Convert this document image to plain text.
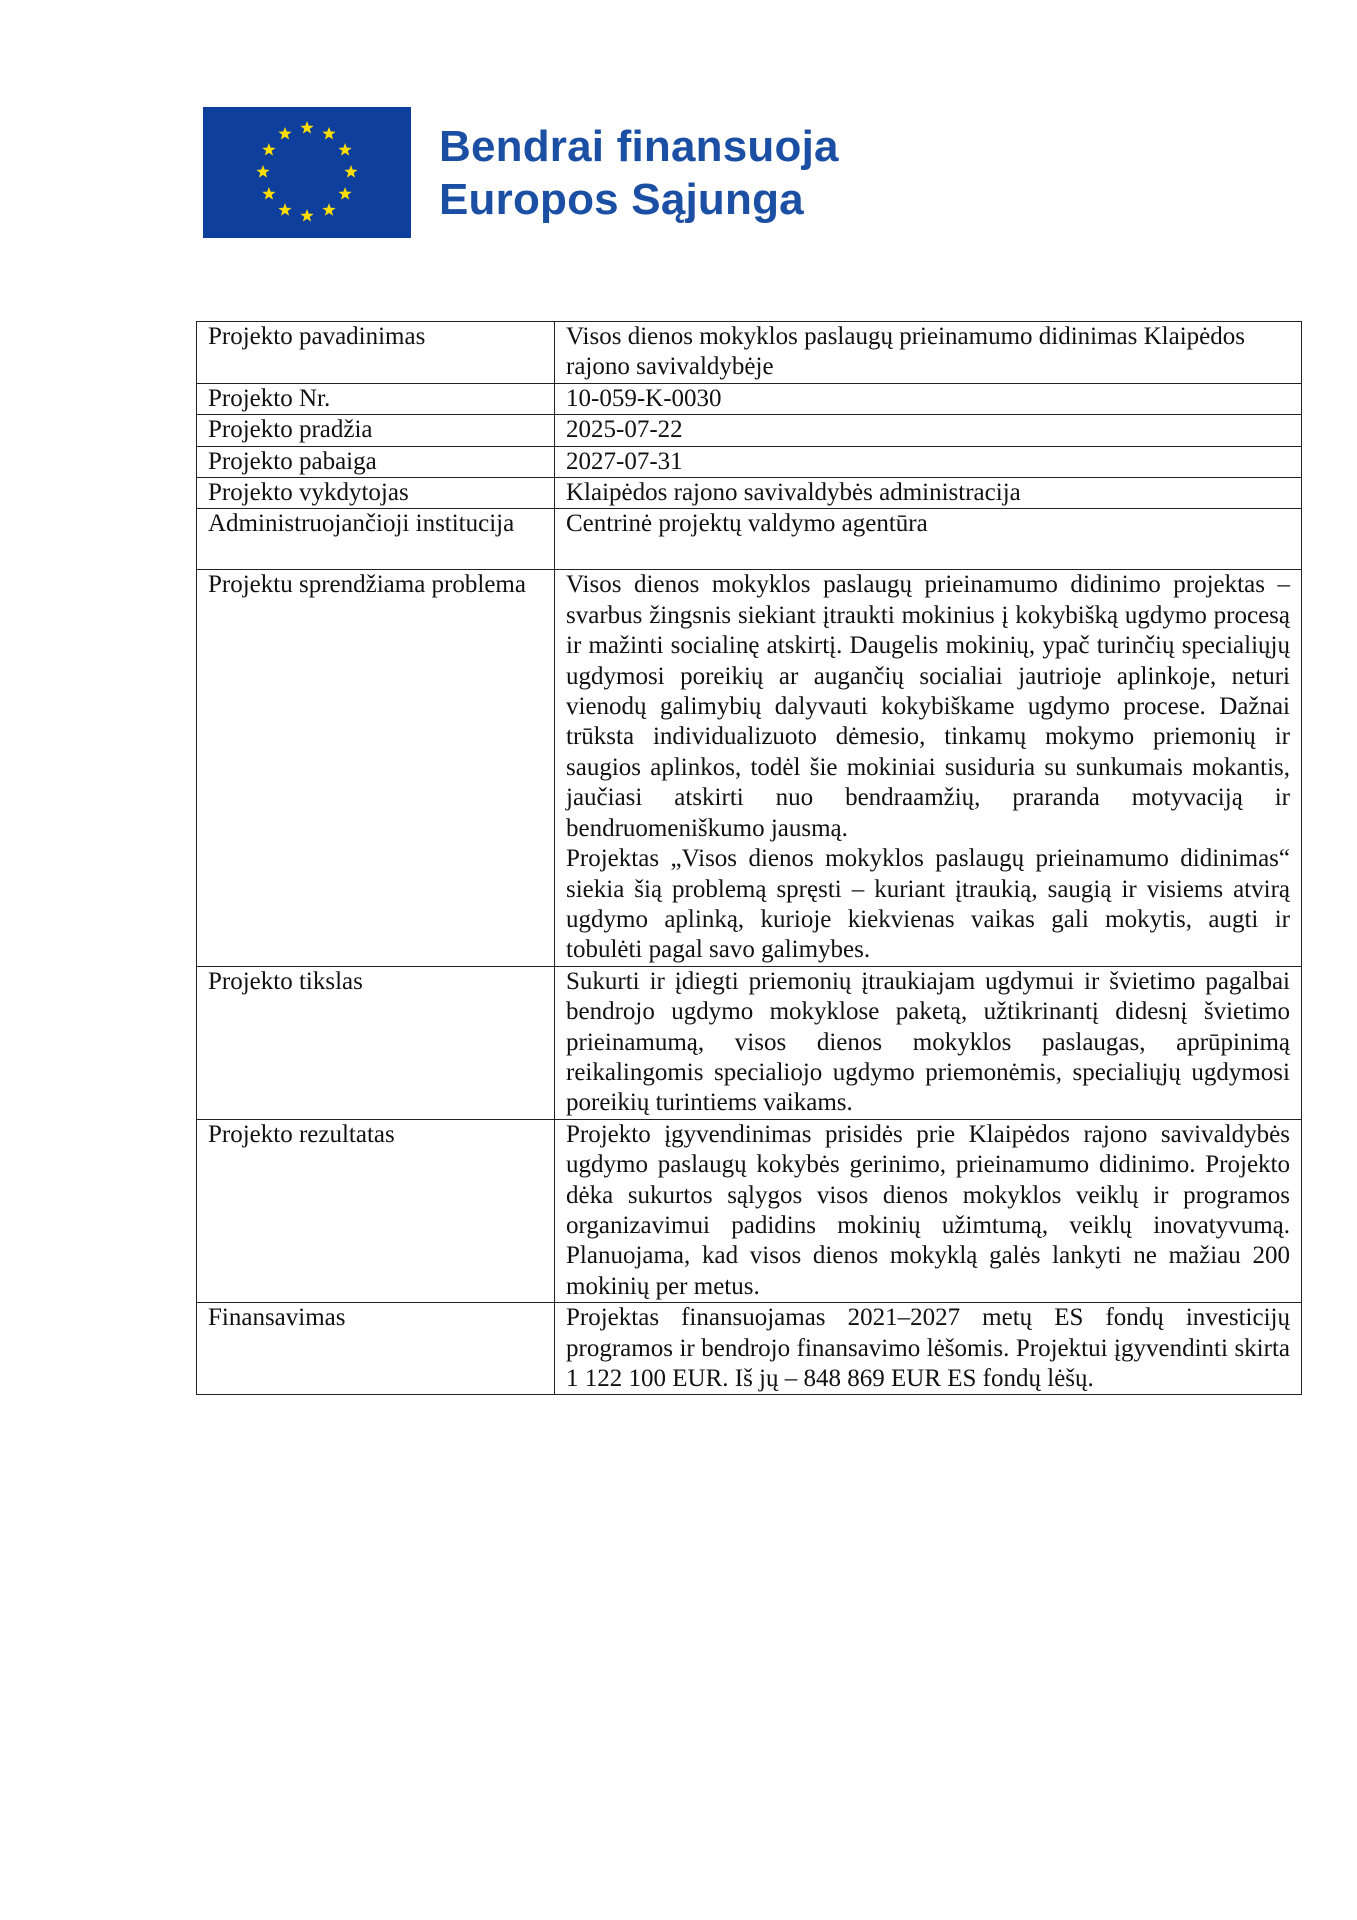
Bendrai finansuoja
Europos Sąjunga
Projekto pavadinimas	Visos dienos mokyklos paslaugų prieinamumo didinimas Klaipėdos rajono savivaldybėje
Projekto Nr.	10-059-K-0030
Projekto pradžia	2025-07-22
Projekto pabaiga	2027-07-31
Projekto vykdytojas	Klaipėdos rajono savivaldybės administracija
Administruojančioji institucija	Centrinė projektų valdymo agentūra
Projektu sprendžiama problema	Visos dienos mokyklos paslaugų prieinamumo didinimo projektas – svarbus žingsnis siekiant įtraukti mokinius į kokybišką ugdymo procesą ir mažinti socialinę atskirtį. Daugelis mokinių, ypač turinčių specialiųjų ugdymosi poreikių ar augančių socialiai jautrioje aplinkoje, neturi vienodų galimybių dalyvauti kokybiškame ugdymo procese. Dažnai trūksta individualizuoto dėmesio, tinkamų mokymo priemonių ir saugios aplinkos, todėl šie mokiniai susiduria su sunkumais mokantis, jaučiasi atskirti nuo bendraamžių, praranda motyvaciją ir bendruomeniškumo jausmą.
Projektas „Visos dienos mokyklos paslaugų prieinamumo didinimas“ siekia šią problemą spręsti – kuriant įtraukią, saugią ir visiems atvirą ugdymo aplinką, kurioje kiekvienas vaikas gali mokytis, augti ir tobulėti pagal savo galimybes.

Projekto tikslas	Sukurti ir įdiegti priemonių įtraukiajam ugdymui ir švietimo pagalbai bendrojo ugdymo mokyklose paketą, užtikrinantį didesnį švietimo prieinamumą, visos dienos mokyklos paslaugas, aprūpinimą reikalingomis specialiojo ugdymo priemonėmis, specialiųjų ugdymosi poreikių turintiems vaikams.
Projekto rezultatas	Projekto įgyvendinimas prisidės prie Klaipėdos rajono savivaldybės ugdymo paslaugų kokybės gerinimo, prieinamumo didinimo. Projekto dėka sukurtos sąlygos visos dienos mokyklos veiklų ir programos organizavimui padidins mokinių užimtumą, veiklų inovatyvumą. Planuojama, kad visos dienos mokyklą galės lankyti ne mažiau 200 mokinių per metus.
Finansavimas	Projektas finansuojamas 2021–2027 metų ES fondų investicijų programos ir bendrojo finansavimo lėšomis. Projektui įgyvendinti skirta 1 122 100 EUR. Iš jų – 848 869 EUR ES fondų lėšų.
